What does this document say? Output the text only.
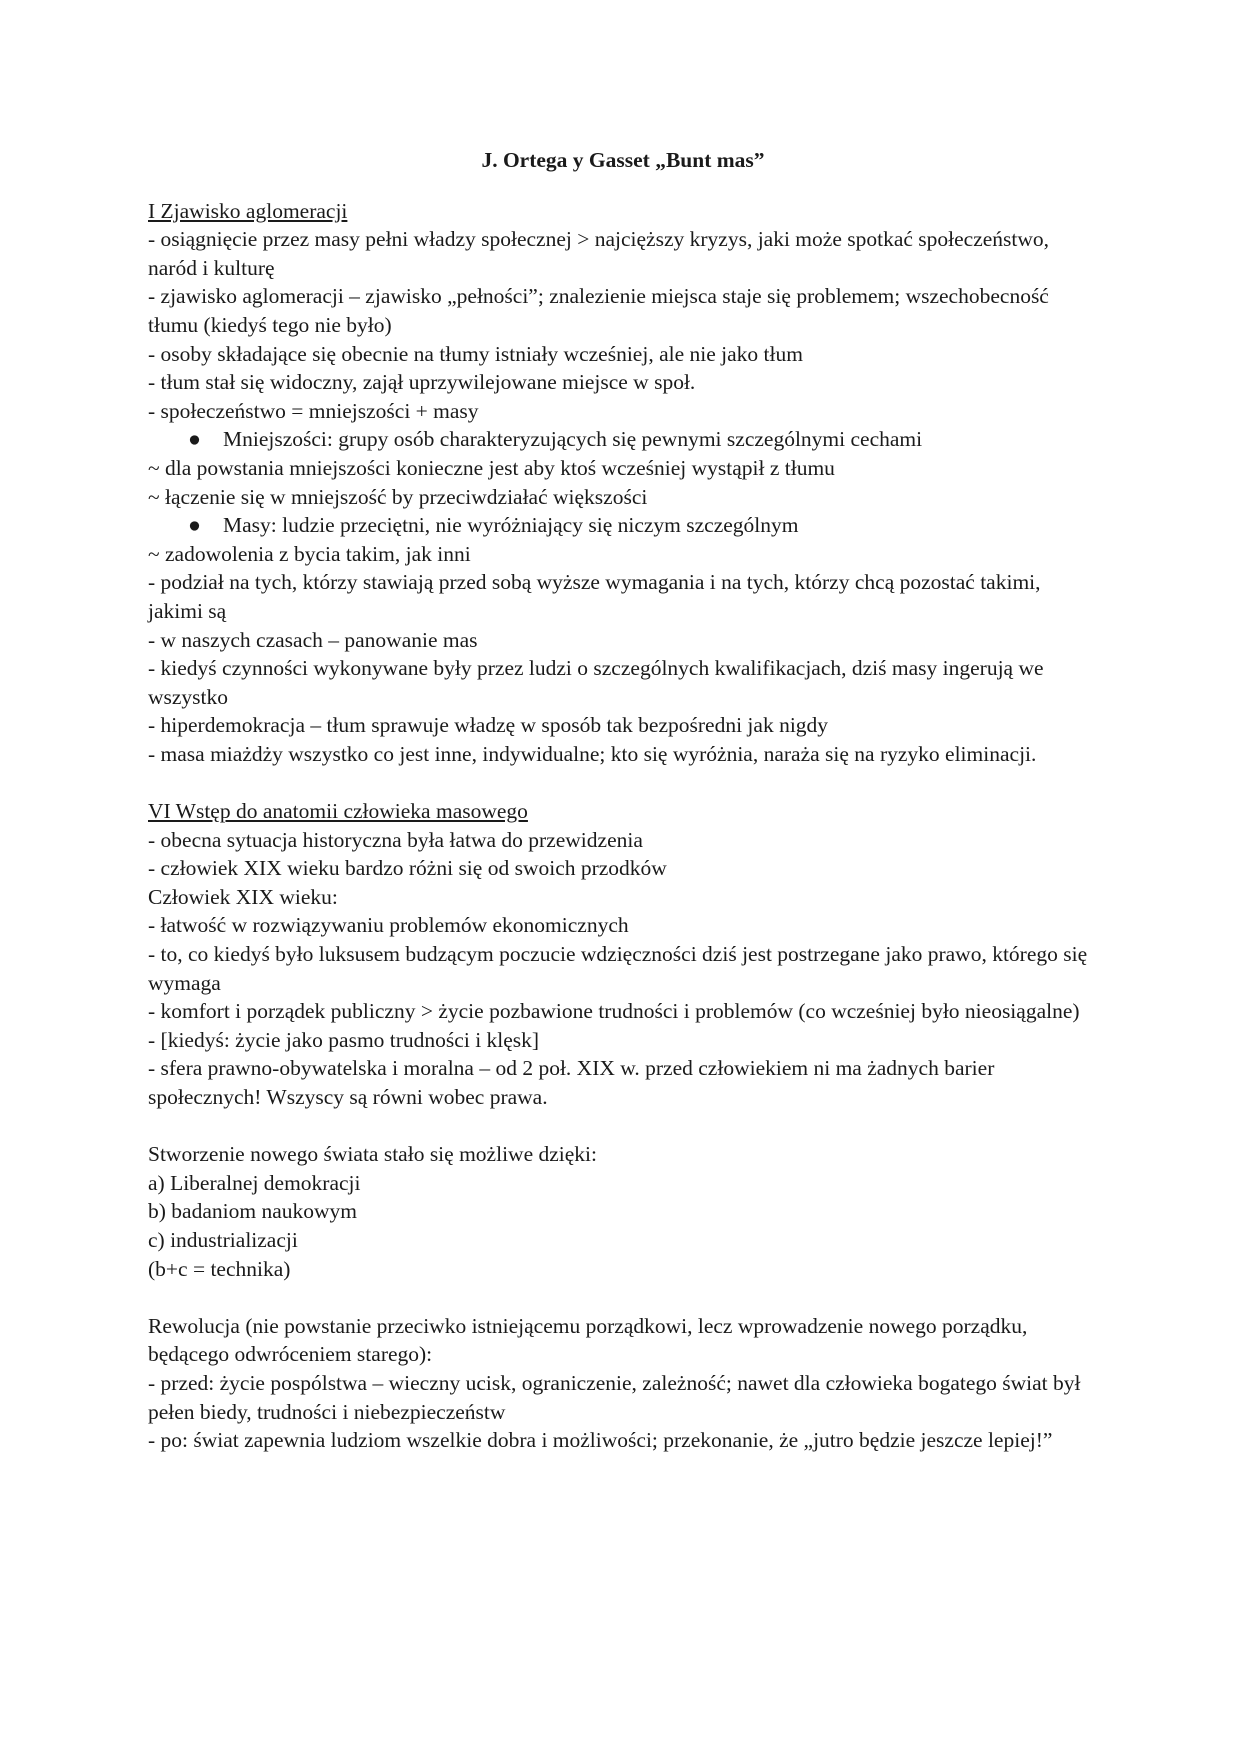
J. Ortega y Gasset „Bunt mas”

I Zjawisko aglomeracji

- osiągnięcie przez masy pełni władzy społecznej > najcięższy kryzys, jaki może spotkać społeczeństwo, naród i kulturę

- zjawisko aglomeracji – zjawisko „pełności”; znalezienie miejsca staje się problemem; wszechobecność tłumu (kiedyś tego nie było)

- osoby składające się obecnie na tłumy istniały wcześniej, ale nie jako tłum

- tłum stał się widoczny, zajął uprzywilejowane miejsce w społ.

- społeczeństwo = mniejszości + masy

● Mniejszości: grupy osób charakteryzujących się pewnymi szczególnymi cechami

~ dla powstania mniejszości konieczne jest aby ktoś wcześniej wystąpił z tłumu

~ łączenie się w mniejszość by przeciwdziałać większości

● Masy: ludzie przeciętni, nie wyróżniający się niczym szczególnym

~ zadowolenia z bycia takim, jak inni

- podział na tych, którzy stawiają przed sobą wyższe wymagania i na tych, którzy chcą pozostać takimi, jakimi są

- w naszych czasach – panowanie mas

- kiedyś czynności wykonywane były przez ludzi o szczególnych kwalifikacjach, dziś masy ingerują we wszystko

- hiperdemokracja – tłum sprawuje władzę w sposób tak bezpośredni jak nigdy

- masa miażdży wszystko co jest inne, indywidualne; kto się wyróżnia, naraża się na ryzyko eliminacji.

VI Wstęp do anatomii człowieka masowego

- obecna sytuacja historyczna była łatwa do przewidzenia

- człowiek XIX wieku bardzo różni się od swoich przodków

Człowiek XIX wieku:

- łatwość w rozwiązywaniu problemów ekonomicznych

- to, co kiedyś było luksusem budzącym poczucie wdzięczności dziś jest postrzegane jako prawo, którego się wymaga

- komfort i porządek publiczny > życie pozbawione trudności i problemów (co wcześniej było nieosiągalne)

- [kiedyś: życie jako pasmo trudności i klęsk]

- sfera prawno-obywatelska i moralna – od 2 poł. XIX w. przed człowiekiem ni ma żadnych barier społecznych! Wszyscy są równi wobec prawa.

Stworzenie nowego świata stało się możliwe dzięki:

a) Liberalnej demokracji

b) badaniom naukowym

c) industrializacji

(b+c = technika)

Rewolucja (nie powstanie przeciwko istniejącemu porządkowi, lecz wprowadzenie nowego porządku, będącego odwróceniem starego):

- przed: życie pospólstwa – wieczny ucisk, ograniczenie, zależność; nawet dla człowieka bogatego świat był pełen biedy, trudności i niebezpieczeństw

- po: świat zapewnia ludziom wszelkie dobra i możliwości; przekonanie, że „jutro będzie jeszcze lepiej!”
